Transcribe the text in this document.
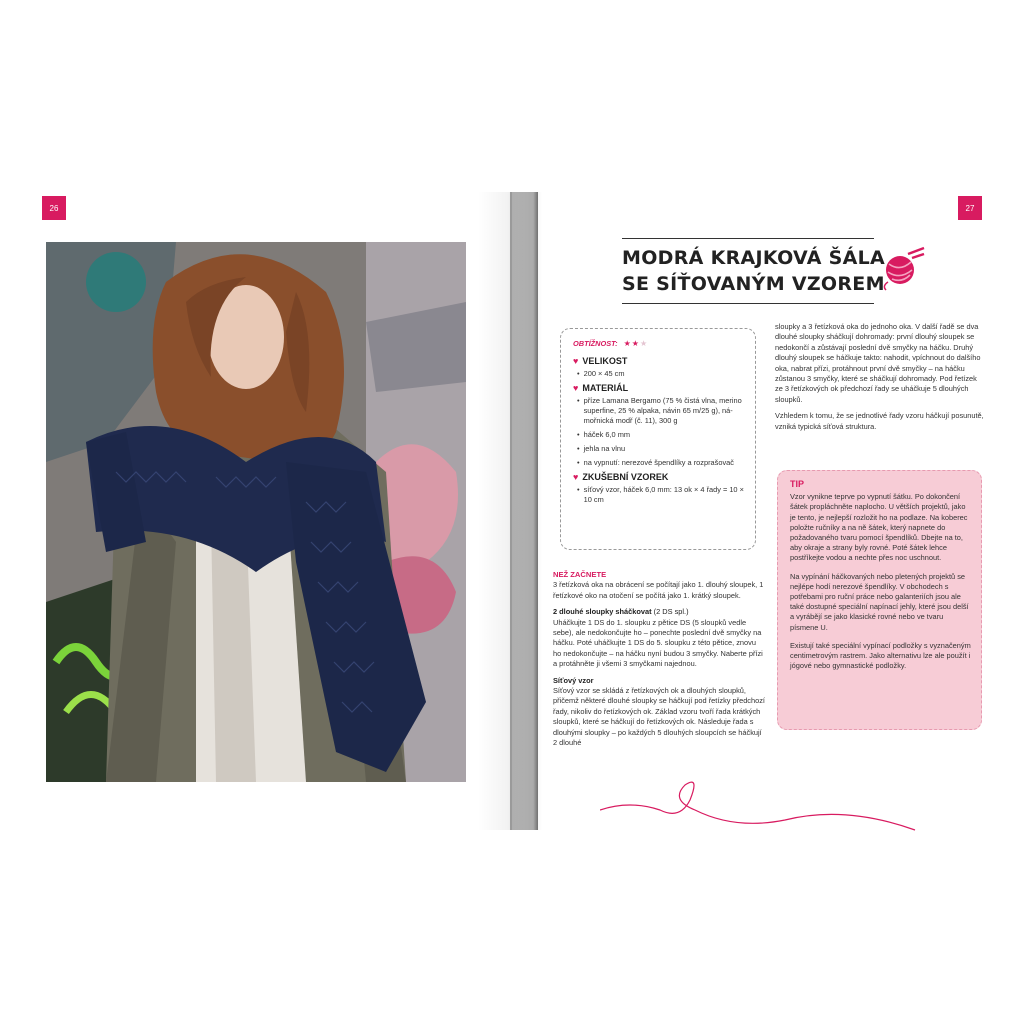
26	27
MODRÁ KRAJKOVÁ ŠÁLA
SE SÍŤOVANÝM VZOREM
OBTÍŽNOST: ★★★
♥ VELIKOST
• 200 × 45 cm
♥ MATERIÁL
• příze Lamana Bergamo (75 % čistá vlna, merino superfine, 25 % alpaka, návin 65 m/25 g), ná-mořnická modř (č. 11), 300 g
• háček 6,0 mm
• jehla na vlnu
• na vypnutí: nerezové špendlíky a rozprašovač
♥ ZKUŠEBNÍ VZOREK
• síťový vzor, háček 6,0 mm: 13 ok × 4 řady = 10 × 10 cm

NEŽ ZAČNETE

3 řetízková oka na obrácení se počítají jako 1. dlouhý sloupek, 1 řetízkové oko na otočení se počítá jako 1. krátký sloupek.

2 dlouhé sloupky sháčkovat (2 DS spl.)

Uháčkujte 1 DS do 1. sloupku z pětice DS (5 sloupků vedle sebe), ale nedokončujte ho – ponechte poslední dvě smyčky na háčku. Poté uháčkujte 1 DS do 5. sloupku z této pětice, znovu ho nedokončujte – na háčku nyní budou 3 smyčky. Naberte přízi a protáhněte ji všemi 3 smyčkami najednou.

Síťový vzor

Síťový vzor se skládá z řetízkových ok a dlouhých sloupků, přičemž některé dlouhé sloupky se háčkují pod řetízky předchozí řady, nikoliv do řetízkových ok. Základ vzoru tvoří řada krátkých sloupků, které se háčkují do řetízkových ok. Následuje řada s dlouhými sloupky – po každých 5 dlouhých sloupcích se háčkují 2 dlouhé

sloupky a 3 řetízková oka do jednoho oka. V další řadě se dva dlouhé sloupky sháčkují dohromady: první dlouhý sloupek se nedokončí a zůstávají poslední dvě smyčky na háčku. Druhý dlouhý sloupek se háčkuje takto: nahodit, vpíchnout do dalšího oka, nabrat přízi, protáhnout první dvě smyčky – na háčku zůstanou 3 smyčky, které se sháčkují dohromady. Pod řetízek ze 3 řetízkových ok předchozí řady se uháčkuje 5 dlouhých sloupků.

Vzhledem k tomu, že se jednotlivé řady vzoru háčkují posunutě, vzniká typická síťová struktura.

TIP

Vzor vynikne teprve po vypnutí šátku. Po dokončení šátek propláchněte naplocho. U větších projektů, jako je tento, je nejlepší rozložit ho na podlaze. Na koberec položte ručníky a na ně šátek, který napnete do požadovaného tvaru pomocí špendlíků. Dbejte na to, aby okraje a strany byly rovné. Poté šátek lehce postříkejte vodou a nechte přes noc uschnout.

Na vypínání háčkovaných nebo pletených projektů se nejlépe hodí nerezové špendlíky. V obchodech s potřebami pro ruční práce nebo galanteriích jsou ale také dostupné speciální napínací jehly, které jsou delší a vyrábějí se jako klasické rovné nebo ve tvaru písmene U.

Existují také speciální vypínací podložky s vyznačeným centimetrovým rastrem. Jako alternativu lze ale použít i jógové nebo gymnastické podložky.
